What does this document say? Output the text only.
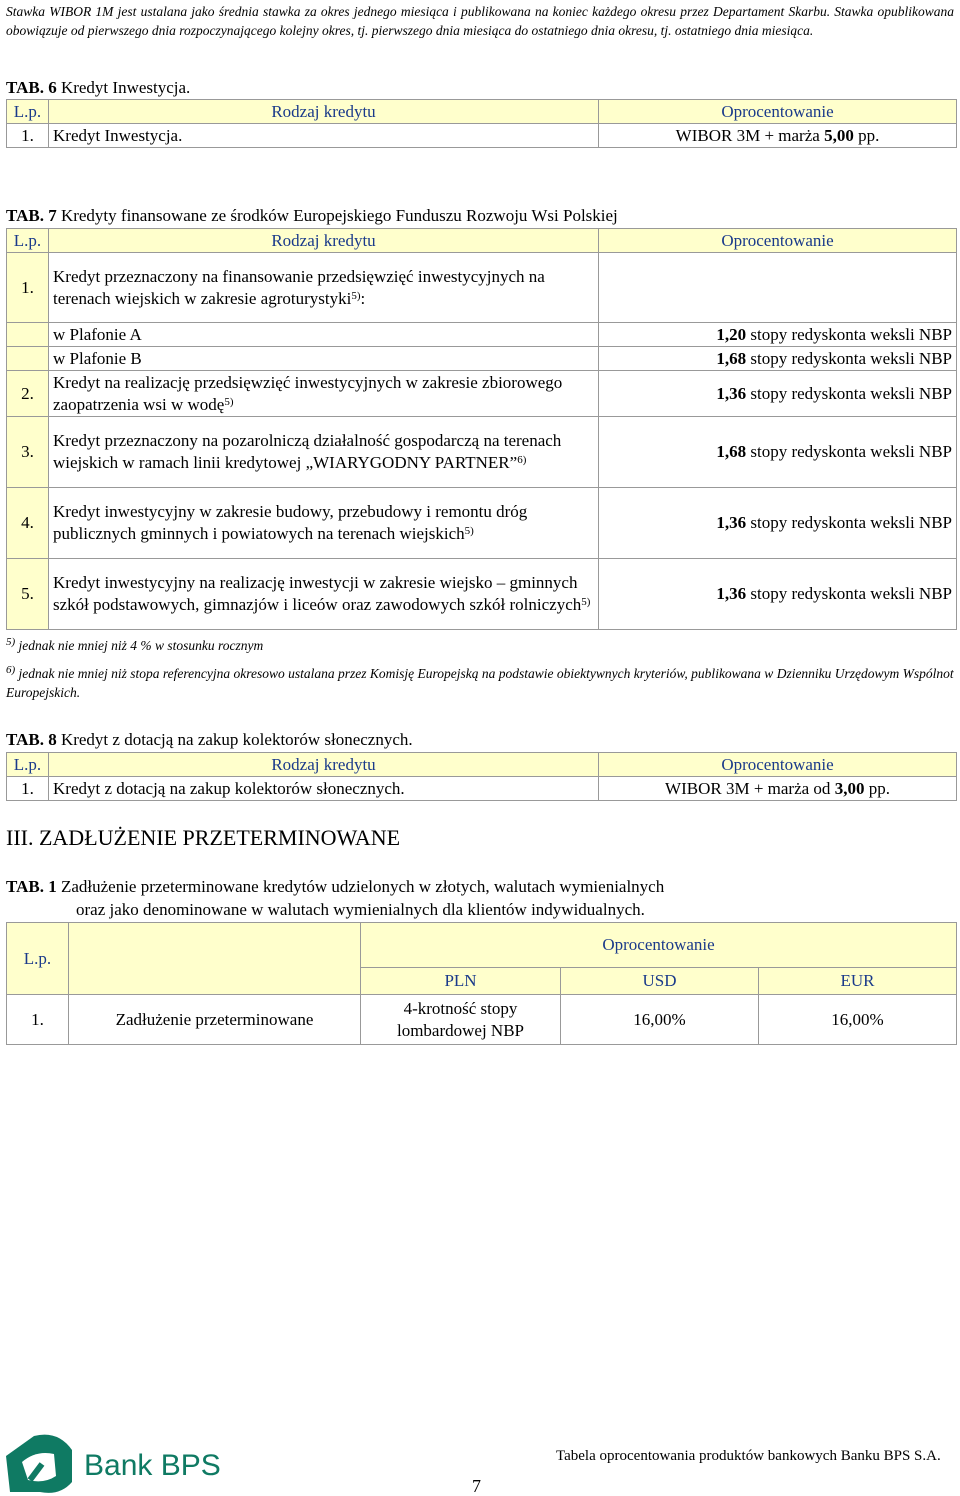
Stawka WIBOR 1M jest ustalana jako średnia stawka za okres jednego miesiąca i publikowana na koniec każdego okresu przez Departament Skarbu. Stawka opublikowana obowiązuje od pierwszego dnia rozpoczynającego kolejny okres, tj. pierwszego dnia miesiąca do ostatniego dnia okresu, tj. ostatniego dnia miesiąca.
TAB. 6 Kredyt Inwestycja.
L.p.	Rodzaj kredytu	Oprocentowanie
1.	Kredyt Inwestycja.	WIBOR 3M + marża 5,00 pp.
TAB. 7 Kredyty finansowane ze środków Europejskiego Funduszu Rozwoju Wsi Polskiej
L.p.	Rodzaj kredytu	Oprocentowanie
1.	Kredyt przeznaczony na finansowanie przedsięwzięć inwestycyjnych na terenach wiejskich w zakresie agroturystyki$^{5)}$:	
	w Plafonie A	1,20 stopy redyskonta weksli NBP
	w Plafonie B	1,68 stopy redyskonta weksli NBP
2.	Kredyt na realizację przedsięwzięć inwestycyjnych w zakresie zbiorowego zaopatrzenia wsi w wodę$^{5)}$	1,36 stopy redyskonta weksli NBP
3.	Kredyt przeznaczony na pozarolniczą działalność gospodarczą na terenach wiejskich w ramach linii kredytowej „WIARYGODNY PARTNER”$^{6)}$	1,68 stopy redyskonta weksli NBP
4.	Kredyt inwestycyjny w zakresie budowy, przebudowy i remontu dróg publicznych gminnych i powiatowych na terenach wiejskich$^{5)}$	1,36 stopy redyskonta weksli NBP
5.	Kredyt inwestycyjny na realizację inwestycji w zakresie wiejsko – gminnych szkół podstawowych, gimnazjów i liceów oraz zawodowych szkół rolniczych$^{5)}$	1,36 stopy redyskonta weksli NBP
$^{5)}$ jednak nie mniej niż 4 % w stosunku rocznym
$^{6)}$ jednak nie mniej niż stopa referencyjna okresowo ustalana przez Komisję Europejską na podstawie obiektywnych kryteriów, publikowana w Dzienniku Urzędowym Wspólnot Europejskich.
TAB. 8 Kredyt z dotacją na zakup kolektorów słonecznych.
L.p.	Rodzaj kredytu	Oprocentowanie
1.	Kredyt z dotacją na zakup kolektorów słonecznych.	WIBOR 3M + marża od 3,00 pp.
III. ZADŁUŻENIE PRZETERMINOWANE
TAB. 1 Zadłużenie przeterminowane kredytów udzielonych w złotych, walutach wymienialnych
oraz jako denominowane w walutach wymienialnych dla klientów indywidualnych.
L.p.		Oprocentowanie		
		PLN	USD	EUR
1.	Zadłużenie przeterminowane	4-krotność stopy lombardowej NBP	16,00%	16,00%
Bank BPS
7
Tabela oprocentowania produktów bankowych Banku BPS S.A.
